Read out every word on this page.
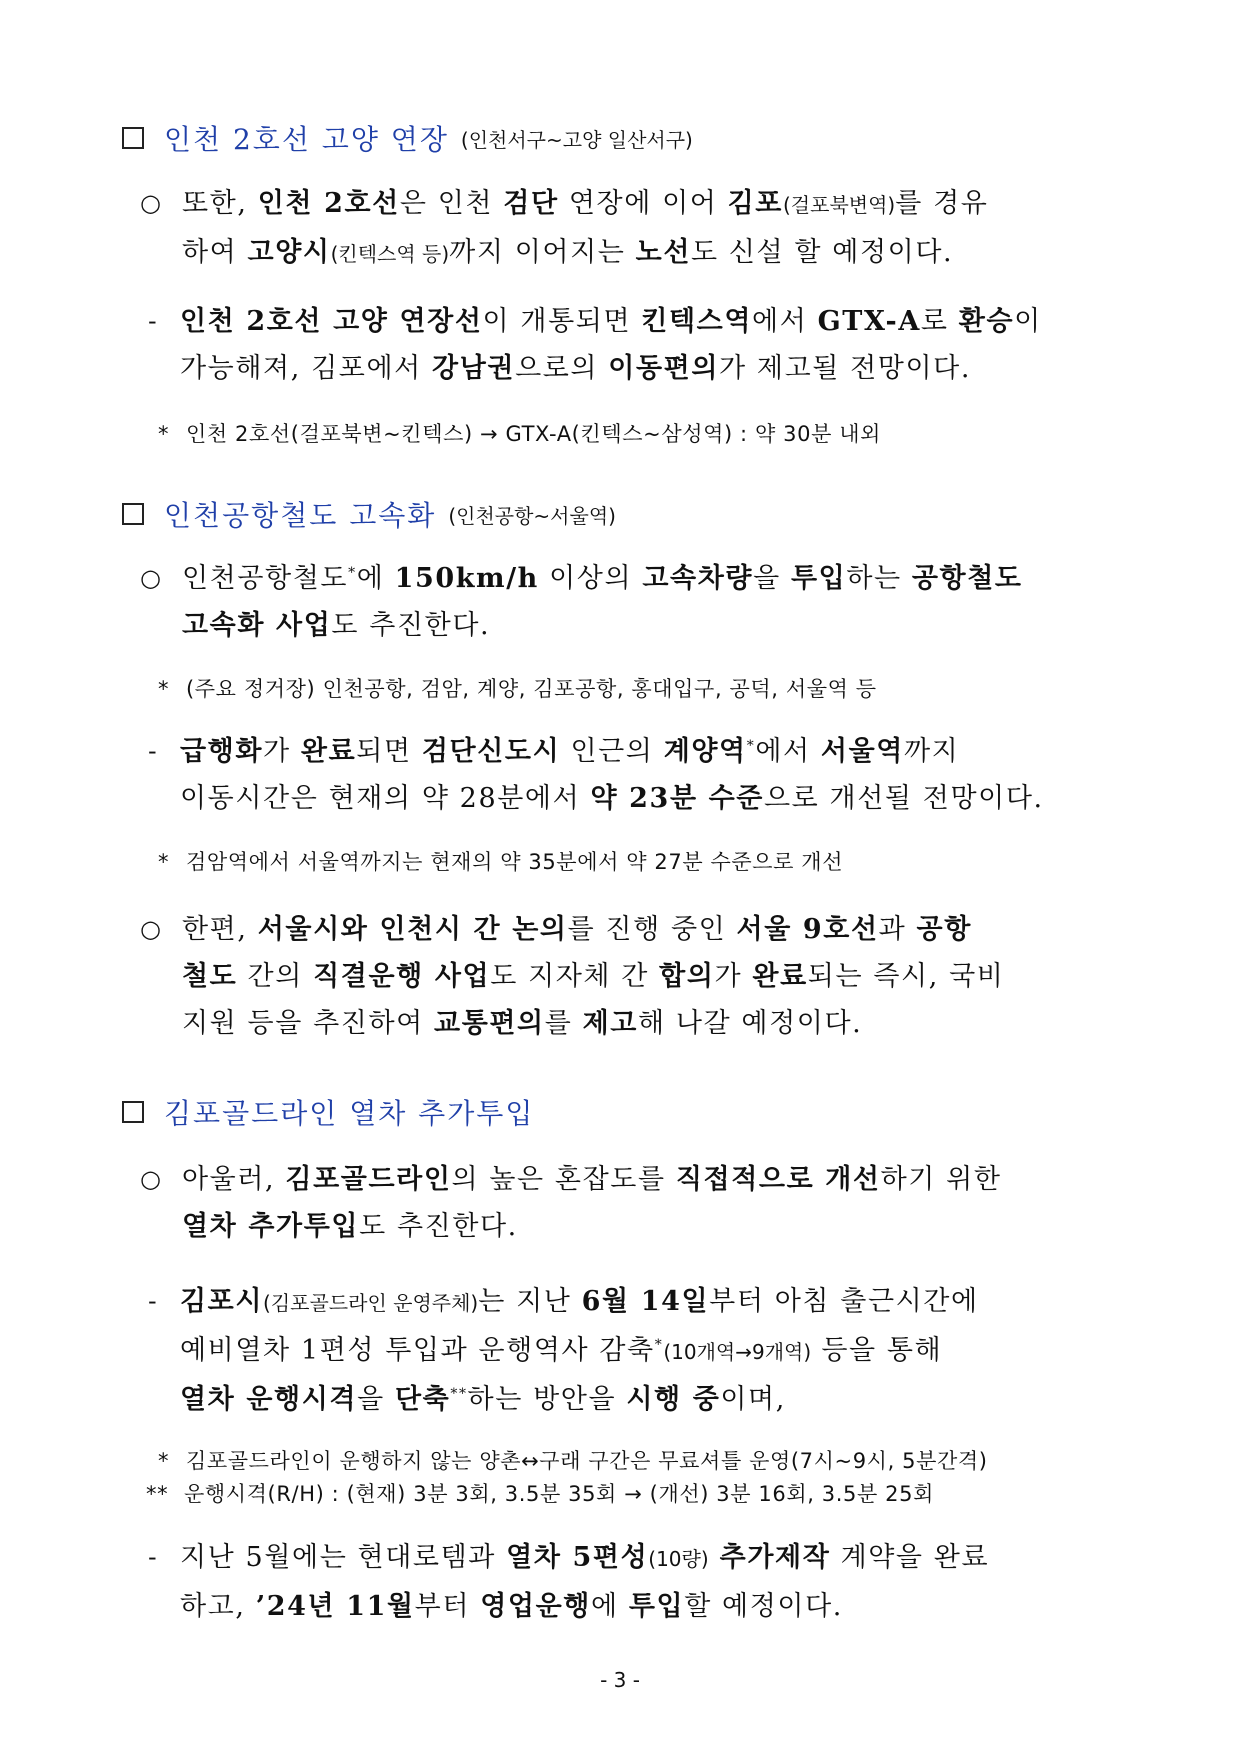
인천 2호선 고양 연장 (인천서구~고양 일산서구)
○ 또한, 인천 2호선은 인천 검단 연장에 이어 김포(걸포북변역)를 경유
하여 고양시(킨텍스역 등)까지 이어지는 노선도 신설 할 예정이다.
- 인천 2호선 고양 연장선이 개통되면 킨텍스역에서 GTX-A로 환승이
가능해져, 김포에서 강남권으로의 이동편의가 제고될 전망이다.
* 인천 2호선(걸포북변~킨텍스) → GTX-A(킨텍스~삼성역) : 약 30분 내외
인천공항철도 고속화 (인천공항~서울역)
○ 인천공항철도*에 150km/h 이상의 고속차량을 투입하는 공항철도
고속화 사업도 추진한다.
* (주요 정거장) 인천공항, 검암, 계양, 김포공항, 홍대입구, 공덕, 서울역 등
- 급행화가 완료되면 검단신도시 인근의 계양역*에서 서울역까지
이동시간은 현재의 약 28분에서 약 23분 수준으로 개선될 전망이다.
* 검암역에서 서울역까지는 현재의 약 35분에서 약 27분 수준으로 개선
○ 한편, 서울시와 인천시 간 논의를 진행 중인 서울 9호선과 공항
철도 간의 직결운행 사업도 지자체 간 합의가 완료되는 즉시, 국비
지원 등을 추진하여 교통편의를 제고해 나갈 예정이다.
김포골드라인 열차 추가투입
○ 아울러, 김포골드라인의 높은 혼잡도를 직접적으로 개선하기 위한
열차 추가투입도 추진한다.
- 김포시(김포골드라인 운영주체)는 지난 6월 14일부터 아침 출근시간에
예비열차 1편성 투입과 운행역사 감축*(10개역→9개역) 등을 통해
열차 운행시격을 단축**하는 방안을 시행 중이며,
* 김포골드라인이 운행하지 않는 양촌↔구래 구간은 무료셔틀 운영(7시~9시, 5분간격)
** 운행시격(R/H) : (현재) 3분 3회, 3.5분 35회 → (개선) 3분 16회, 3.5분 25회
- 지난 5월에는 현대로템과 열차 5편성(10량) 추가제작 계약을 완료
하고, ’24년 11월부터 영업운행에 투입할 예정이다.
- 3 -
